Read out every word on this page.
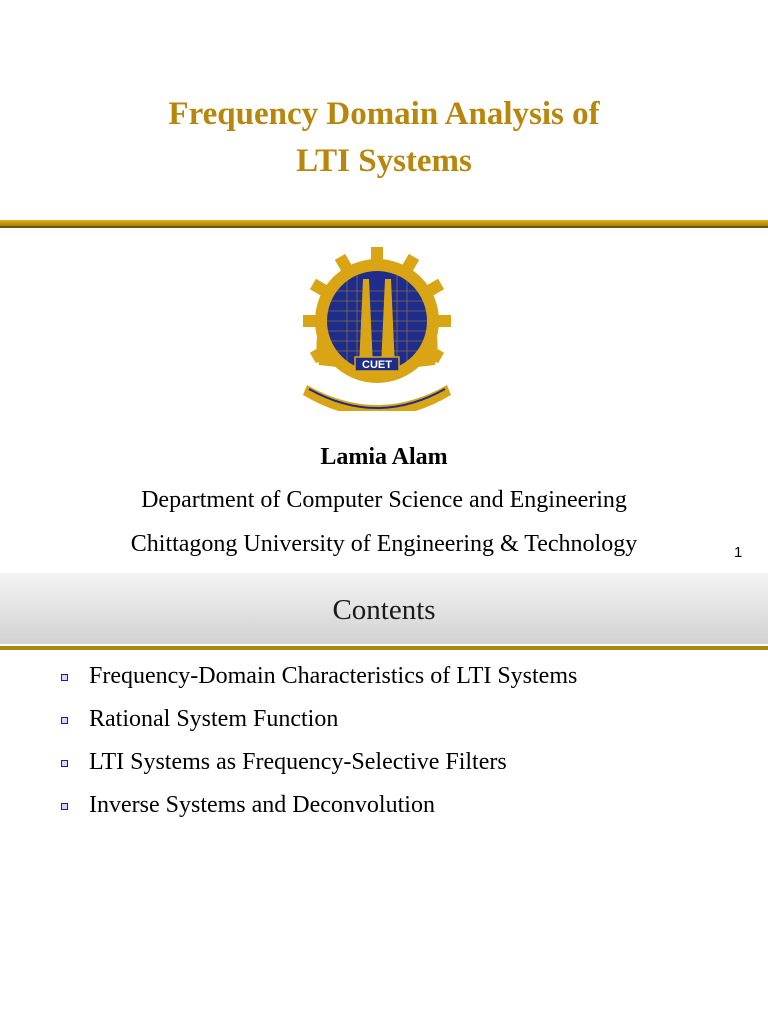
Frequency Domain Analysis of
LTI Systems
CUET
Lamia Alam
Department of Computer Science and Engineering
Chittagong University of Engineering & Technology	1
Contents
Frequency-Domain Characteristics of LTI Systems
Rational System Function
LTI Systems as Frequency-Selective Filters
Inverse Systems and Deconvolution
